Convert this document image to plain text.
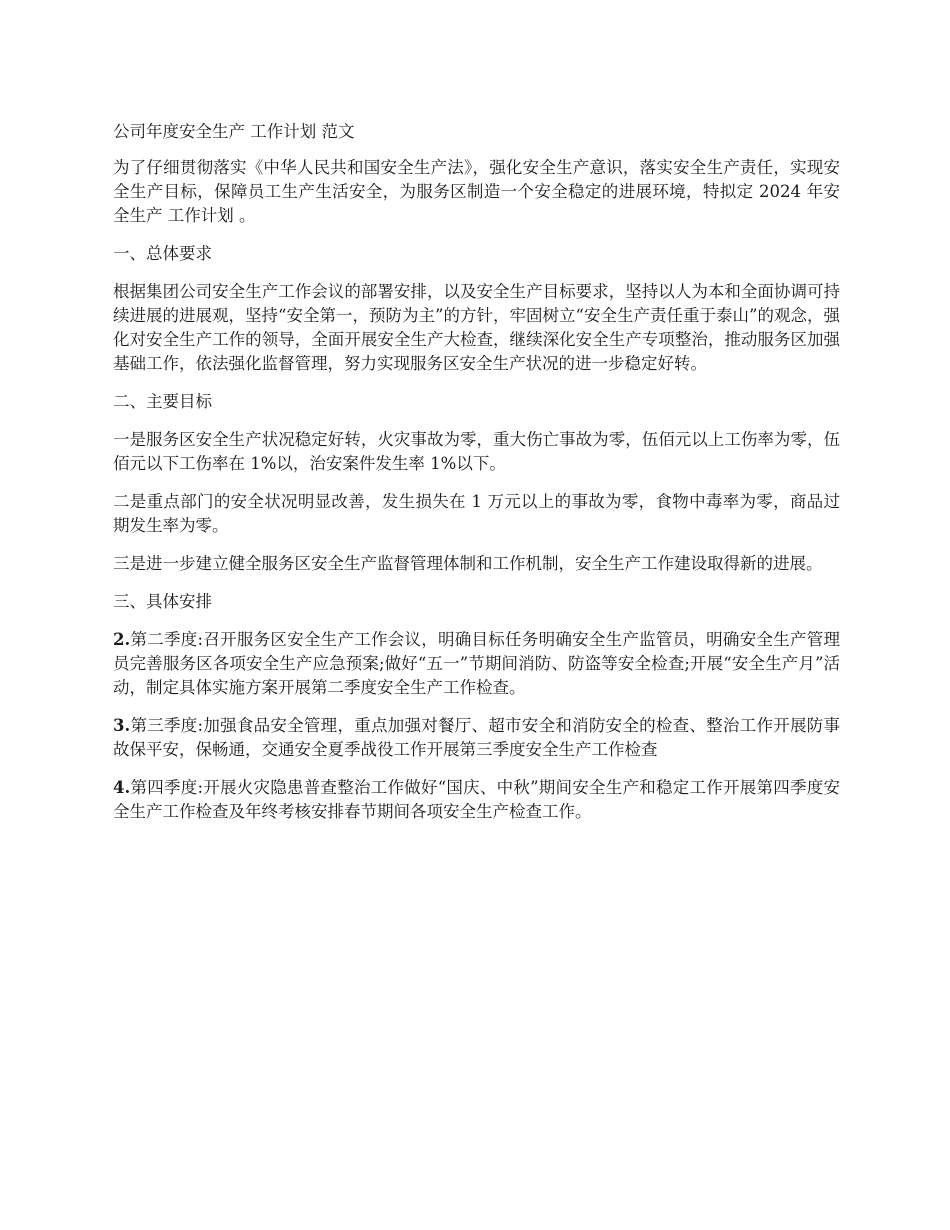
公司年度安全生产 工作计划 范文

为了仔细贯彻落实《中华人民共和国安全生产法》，强化安全生产意识，落实安全生产责任，实现安全生产目标，保障员工生产生活安全，为服务区制造一个安全稳定的进展环境，特拟定 2024 年安全生产 工作计划 。

一、总体要求

根据集团公司安全生产工作会议的部署安排，以及安全生产目标要求，坚持以人为本和全面协调可持续进展的进展观，坚持“安全第一，预防为主”的方针，牢固树立“安全生产责任重于泰山”的观念，强化对安全生产工作的领导，全面开展安全生产大检查，继续深化安全生产专项整治，推动服务区加强基础工作，依法强化监督管理，努力实现服务区安全生产状况的进一步稳定好转。

二、主要目标

一是服务区安全生产状况稳定好转，火灾事故为零，重大伤亡事故为零，伍佰元以上工伤率为零，伍佰元以下工伤率在 1%以，治安案件发生率 1%以下。

二是重点部门的安全状况明显改善，发生损失在 1 万元以上的事故为零，食物中毒率为零，商品过期发生率为零。

三是进一步建立健全服务区安全生产监督管理体制和工作机制，安全生产工作建设取得新的进展。

三、具体安排

2.第二季度:召开服务区安全生产工作会议，明确目标任务明确安全生产监管员，明确安全生产管理员完善服务区各项安全生产应急预案;做好“五一”节期间消防、防盗等安全检查;开展“安全生产月”活动，制定具体实施方案开展第二季度安全生产工作检查。

3.第三季度:加强食品安全管理，重点加强对餐厅、超市安全和消防安全的检查、整治工作开展防事故保平安，保畅通，交通安全夏季战役工作开展第三季度安全生产工作检查

4.第四季度:开展火灾隐患普查整治工作做好“国庆、中秋”期间安全生产和稳定工作开展第四季度安全生产工作检查及年终考核安排春节期间各项安全生产检查工作。
